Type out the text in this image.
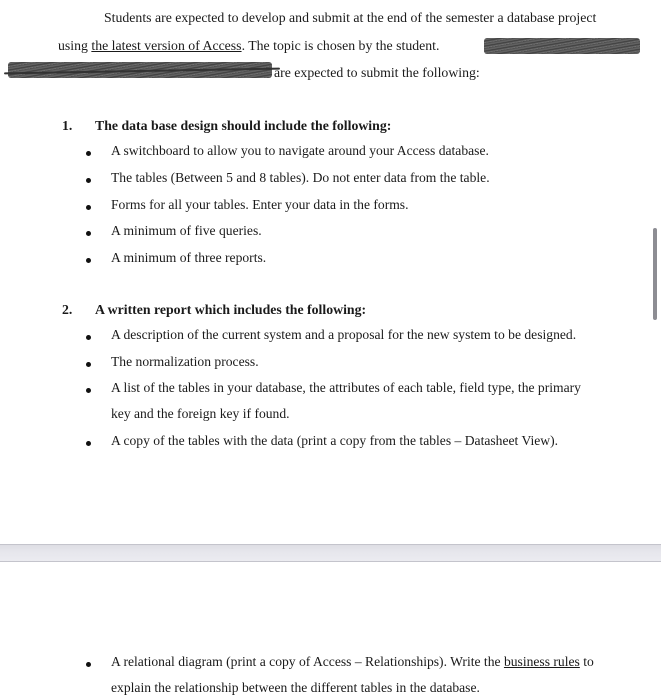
Students are expected to develop and submit at the end of the semester a database project
using the latest version of Access. The topic is chosen by the student.
are expected to submit the following:
1. The data base design should include the following:
A switchboard to allow you to navigate around your Access database.
The tables (Between 5 and 8 tables). Do not enter data from the table.
Forms for all your tables. Enter your data in the forms.
A minimum of five queries.
A minimum of three reports.
2. A written report which includes the following:
A description of the current system and a proposal for the new system to be designed.
The normalization process.
A list of the tables in your database, the attributes of each table, field type, the primary
key and the foreign key if found.
A copy of the tables with the data (print a copy from the tables – Datasheet View).
A relational diagram (print a copy of Access – Relationships). Write the business rules to
explain the relationship between the different tables in the database.
